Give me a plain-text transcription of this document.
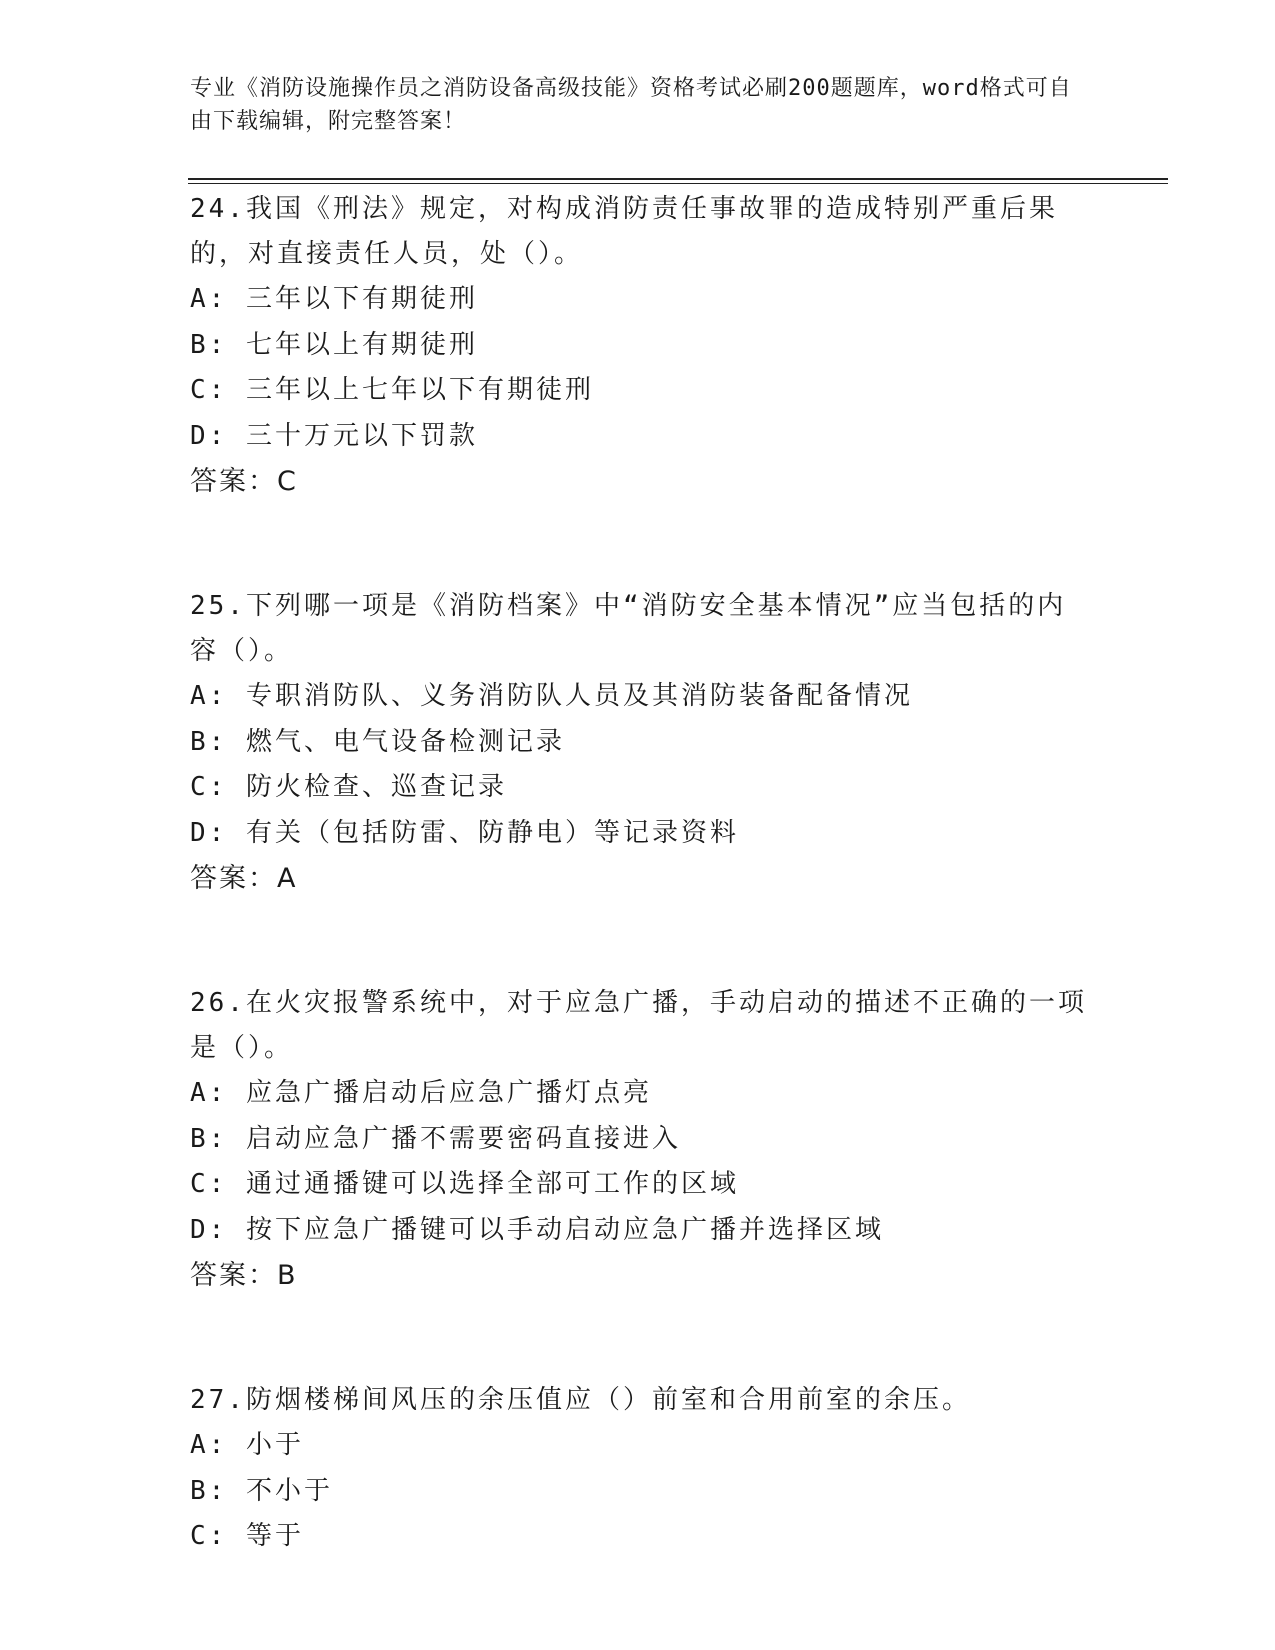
专业《消防设施操作员之消防设备高级技能》资格考试必刷200题题库，word格式可自由下载编辑，附完整答案！
24.我国《刑法》规定，对构成消防责任事故罪的造成特别严重后果的，对直接责任人员，处（）。
A: 三年以下有期徒刑
B: 七年以上有期徒刑
C: 三年以上七年以下有期徒刑
D: 三十万元以下罚款
答案：C
25.下列哪一项是《消防档案》中“消防安全基本情况”应当包括的内容（）。
A: 专职消防队、义务消防队人员及其消防装备配备情况
B: 燃气、电气设备检测记录
C: 防火检查、巡查记录
D: 有关（包括防雷、防静电）等记录资料
答案：A
26.在火灾报警系统中，对于应急广播，手动启动的描述不正确的一项是（）。
A: 应急广播启动后应急广播灯点亮
B: 启动应急广播不需要密码直接进入
C: 通过通播键可以选择全部可工作的区域
D: 按下应急广播键可以手动启动应急广播并选择区域
答案：B
27.防烟楼梯间风压的余压值应（）前室和合用前室的余压。
A: 小于
B: 不小于
C: 等于
